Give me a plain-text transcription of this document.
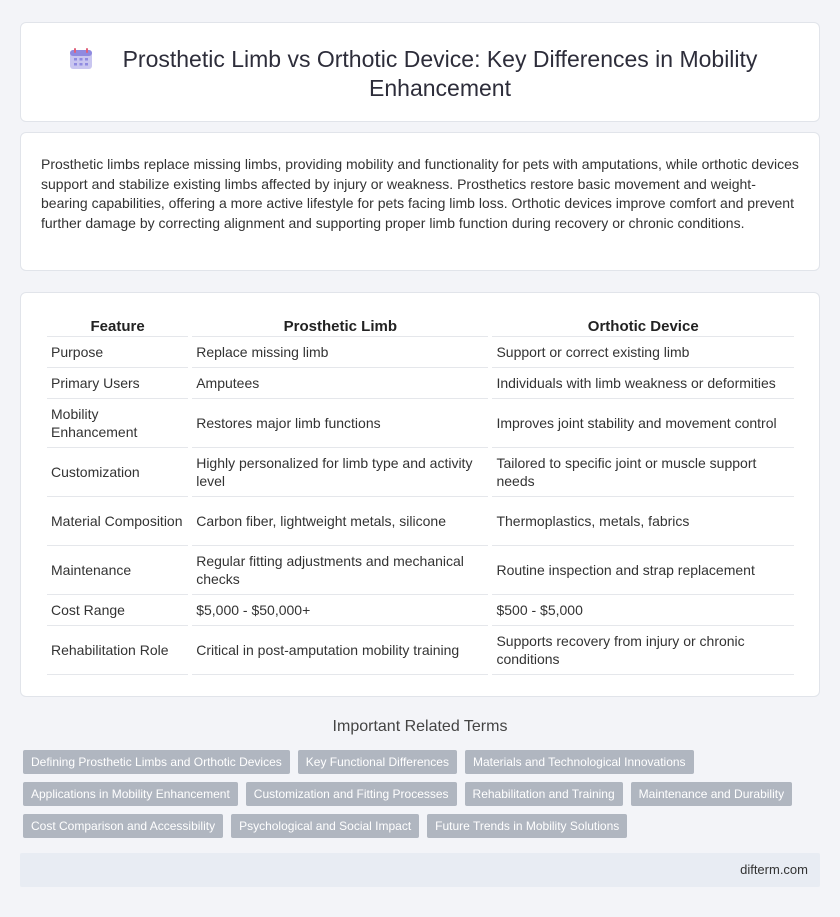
Prosthetic Limb vs Orthotic Device: Key Differences in Mobility Enhancement

Prosthetic limbs replace missing limbs, providing mobility and functionality for pets with amputations, while orthotic devices support and stabilize existing limbs affected by injury or weakness. Prosthetics restore basic movement and weight-bearing capabilities, offering a more active lifestyle for pets facing limb loss. Orthotic devices improve comfort and prevent further damage by correcting alignment and supporting proper limb function during recovery or chronic conditions.

Feature	Prosthetic Limb	Orthotic Device
Purpose	Replace missing limb	Support or correct existing limb
Primary Users	Amputees	Individuals with limb weakness or deformities
Mobility Enhancement	Restores major limb functions	Improves joint stability and movement control
Customization	Highly personalized for limb type and activity level	Tailored to specific joint or muscle support needs
Material Composition	Carbon fiber, lightweight metals, silicone	Thermoplastics, metals, fabrics
Maintenance	Regular fitting adjustments and mechanical checks	Routine inspection and strap replacement
Cost Range	$5,000 - $50,000+	$500 - $5,000
Rehabilitation Role	Critical in post-amputation mobility training	Supports recovery from injury or chronic conditions
Important Related Terms
Defining Prosthetic Limbs and Orthotic Devices	Key Functional Differences	Materials and Technological Innovations
Applications in Mobility Enhancement	Customization and Fitting Processes	Rehabilitation and Training	Maintenance and Durability
Cost Comparison and Accessibility	Psychological and Social Impact	Future Trends in Mobility Solutions
difterm.com
